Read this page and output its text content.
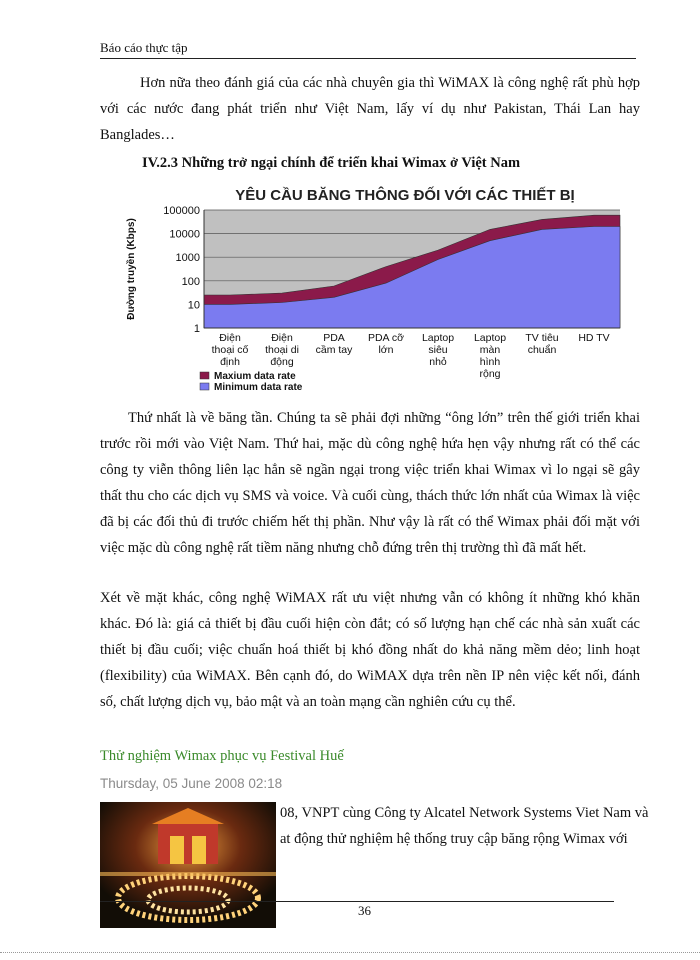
Báo cáo thực tập
Hơn nữa theo đánh giá của các nhà chuyên gia thì WiMAX là công nghệ rất phù hợp với các nước đang phát triển như Việt Nam, lấy ví dụ như Pakistan, Thái Lan hay Banglades…
IV.2.3 Những trở ngại chính để triển khai Wimax ở Việt Nam
YÊU CẦU BĂNG THÔNG ĐỐI VỚI CÁC THIẾT BỊ
100000
10000
1000
100
10
1
Đường truyền (Kbps)
Điện thoại cố định
Điện thoại di động
PDA cầm tay
PDA cỡ lớn
Laptop siêu nhỏ
Laptop màn hình rộng
TV tiêu chuẩn
HD TV
Maxium data rate
Minimum data rate
Thứ nhất là về băng tần. Chúng ta sẽ phải đợi những “ông lớn” trên thế giới triển khai trước rồi mới vào Việt Nam. Thứ hai, mặc dù công nghệ hứa hẹn vậy nhưng rất có thể các công ty viễn thông liên lạc hẳn sẽ ngần ngại trong việc triển khai Wimax vì lo ngại sẽ gây thất thu cho các dịch vụ SMS và voice. Và cuối cùng, thách thức lớn nhất của Wimax là việc đã bị các đối thủ đi trước chiếm hết thị phần. Như vậy là rất có thể Wimax phải đối mặt với việc mặc dù công nghệ rất tiềm năng nhưng chỗ đứng trên thị trường thì đã mất hết.
Xét về mặt khác, công nghệ WiMAX rất ưu việt nhưng vẫn có không ít những khó khăn khác. Đó là: giá cả thiết bị đầu cuối hiện còn đắt; có số lượng hạn chế các nhà sản xuất các thiết bị đầu cuối; việc chuẩn hoá thiết bị khó đồng nhất do khả năng mềm dẻo; linh hoạt (flexibility) của WiMAX. Bên cạnh đó, do WiMAX dựa trên nền IP nên việc kết nối, đánh số, chất lượng dịch vụ, bảo mật và an toàn mạng cần nghiên cứu cụ thể.
Thử nghiệm Wimax phục vụ Festival Huế
Thursday, 05 June 2008 02:18
08, VNPT cùng Công ty Alcatel Network Systems Viet Nam và
at động thử nghiệm hệ thống truy cập băng rộng Wimax với
36
